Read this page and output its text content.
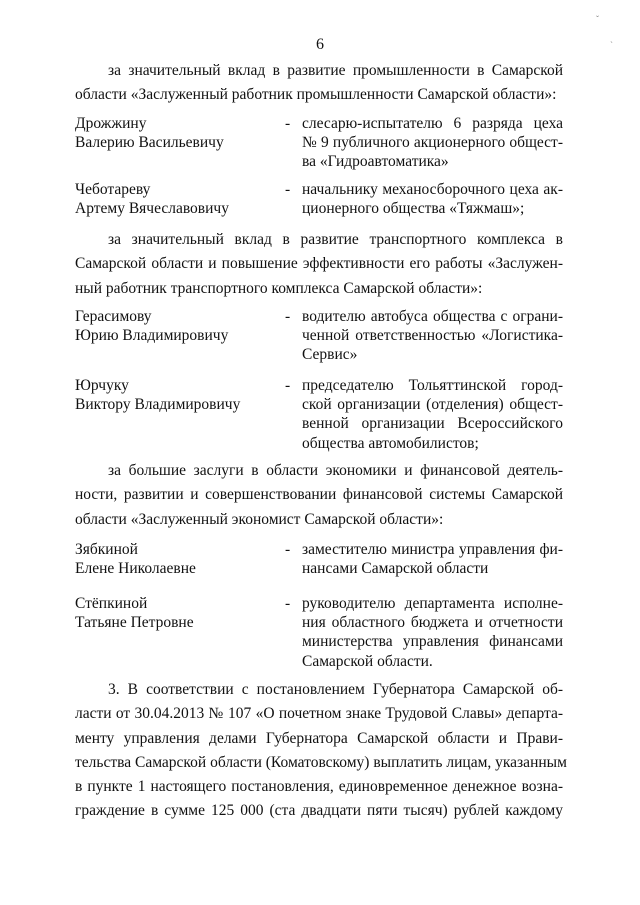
6

за значительный вклад в развитие промышленности в Самарской
области «Заслуженный работник промышленности Самарской области»:

Дрожжину
Валерию Васильевичу
- слесарю-испытателю 6 разряда цеха
№ 9 публичного акционерного общест-
ва «Гидроавтоматика»
Чеботареву
Артему Вячеславовичу
- начальнику механосборочного цеха ак-
ционерного общества «Тяжмаш»;

за значительный вклад в развитие транспортного комплекса в
Самарской области и повышение эффективности его работы «Заслужен-
ный работник транспортного комплекса Самарской области»:

Герасимову
Юрию Владимировичу
- водителю автобуса общества с ограни-
ченной ответственностью «Логистика-
Сервис»
Юрчуку
Виктору Владимировичу
- председателю Тольяттинской город-
ской организации (отделения) общест-
венной организации Всероссийского
общества автомобилистов;

за большие заслуги в области экономики и финансовой деятель-
ности, развитии и совершенствовании финансовой системы Самарской
области «Заслуженный экономист Самарской области»:

Зябкиной
Елене Николаевне
- заместителю министра управления фи-
нансами Самарской области
Стёпкиной
Татьяне Петровне
- руководителю департамента исполне-
ния областного бюджета и отчетности
министерства управления финансами
Самарской области.

3. В соответствии с постановлением Губернатора Самарской об-
ласти от 30.04.2013 № 107 «О почетном знаке Трудовой Славы» департа-
менту управления делами Губернатора Самарской области и Прави-
тельства Самарской области (Коматовскому) выплатить лицам, указанным
в пункте 1 настоящего постановления, единовременное денежное возна-
граждение в сумме 125 000 (ста двадцати пяти тысяч) рублей каждому

ˇ
ˋ
